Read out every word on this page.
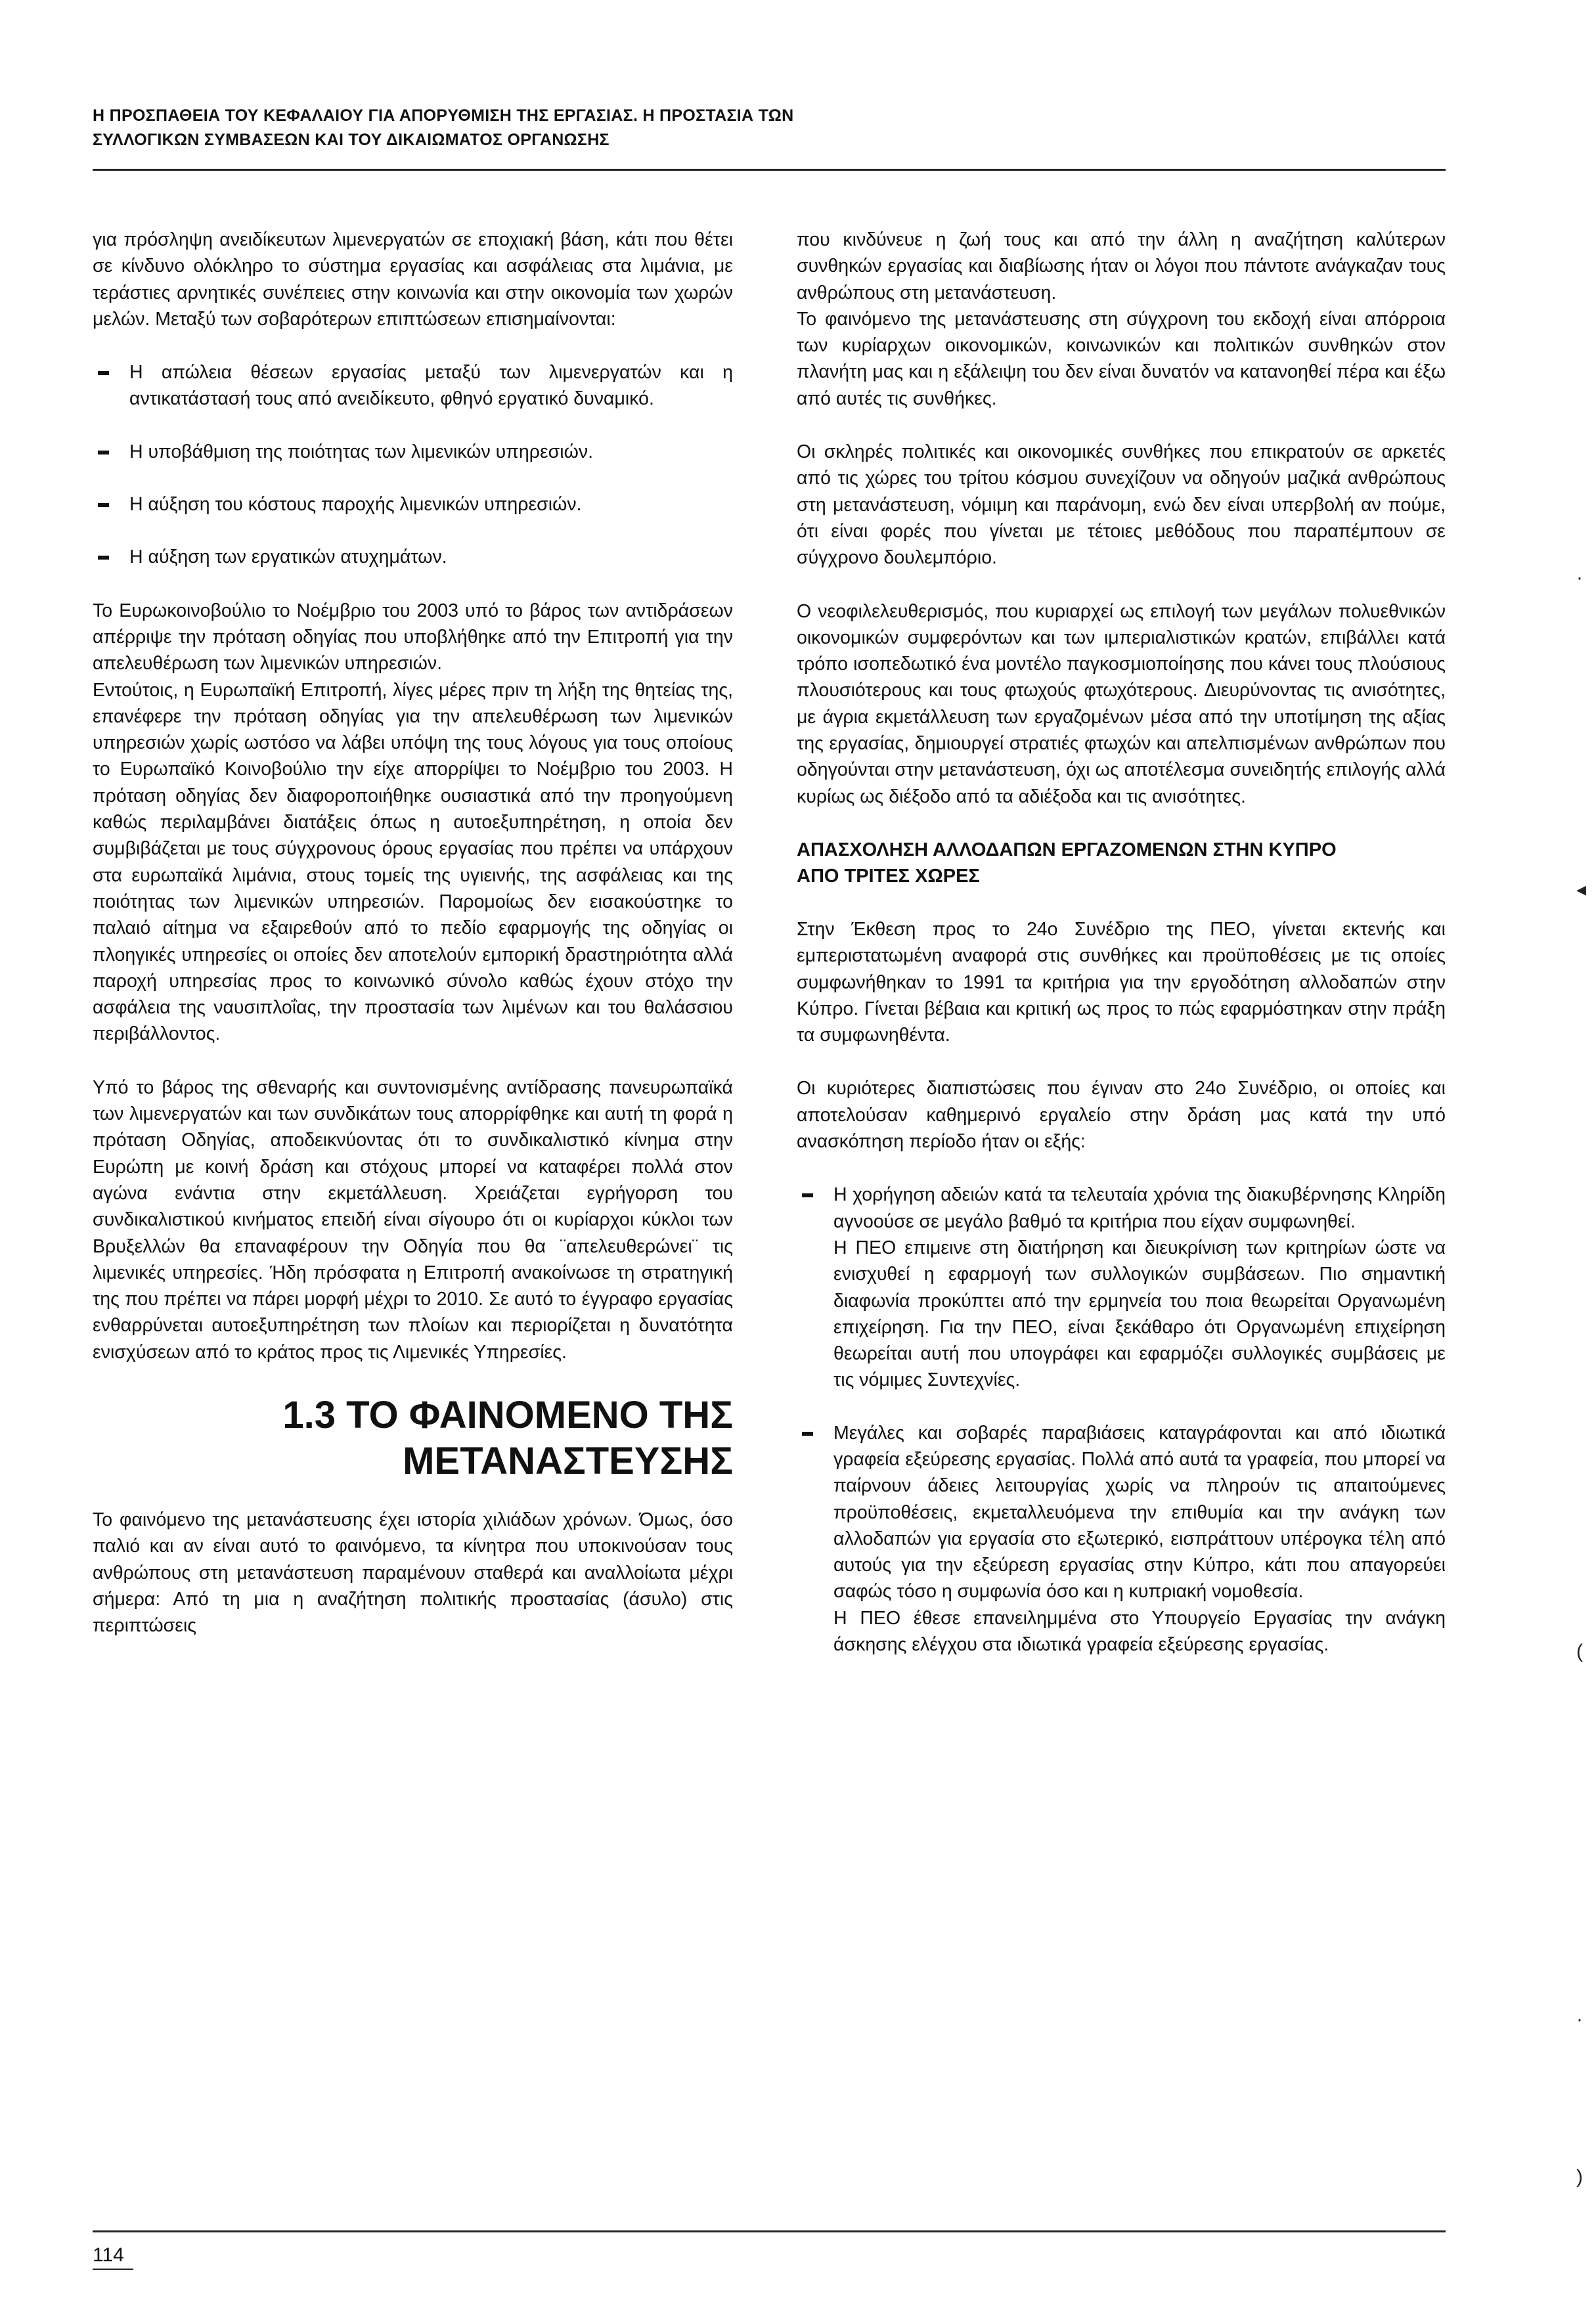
Η ΠΡΟΣΠΑΘΕΙΑ ΤΟΥ ΚΕΦΑΛΑΙΟΥ ΓΙΑ ΑΠΟΡΥΘΜΙΣΗ ΤΗΣ ΕΡΓΑΣΙΑΣ. Η ΠΡΟΣΤΑΣΙΑ ΤΩΝ
ΣΥΛΛΟΓΙΚΩΝ ΣΥΜΒΑΣΕΩΝ ΚΑΙ ΤΟΥ ΔΙΚΑΙΩΜΑΤΟΣ ΟΡΓΑΝΩΣΗΣ

για πρόσληψη ανειδίκευτων λιμενεργατών σε εποχιακή βάση, κάτι που θέτει σε κίνδυνο ολόκληρο το σύστημα εργασίας και ασφάλειας στα λιμάνια, με τεράστιες αρνητικές συνέπειες στην κοινωνία και στην οικονομία των χωρών μελών. Μεταξύ των σοβαρότερων επιπτώσεων επισημαίνονται:

Η απώλεια θέσεων εργασίας μεταξύ των λιμενεργατών και η αντικατάστασή τους από ανειδίκευτο, φθηνό εργατικό δυναμικό.
Η υποβάθμιση της ποιότητας των λιμενικών υπηρεσιών.
Η αύξηση του κόστους παροχής λιμενικών υπηρεσιών.
Η αύξηση των εργατικών ατυχημάτων.

Το Ευρωκοινοβούλιο το Νοέμβριο του 2003 υπό το βάρος των αντιδράσεων απέρριψε την πρόταση οδηγίας που υποβλήθηκε από την Επιτροπή για την απελευθέρωση των λιμενικών υπηρεσιών.

Εντούτοις, η Ευρωπαϊκή Επιτροπή, λίγες μέρες πριν τη λήξη της θητείας της, επανέφερε την πρόταση οδηγίας για την απελευθέρωση των λιμενικών υπηρεσιών χωρίς ωστόσο να λάβει υπόψη της τους λόγους για τους οποίους το Ευρωπαϊκό Κοινοβούλιο την είχε απορρίψει το Νοέμβριο του 2003. Η πρόταση οδηγίας δεν διαφοροποιήθηκε ουσιαστικά από την προηγούμενη καθώς περιλαμβάνει διατάξεις όπως η αυτοεξυπηρέτηση, η οποία δεν συμβιβάζεται με τους σύγχρονους όρους εργασίας που πρέπει να υπάρχουν στα ευρωπαϊκά λιμάνια, στους τομείς της υγιεινής, της ασφάλειας και της ποιότητας των λιμενικών υπηρεσιών. Παρομοίως δεν εισακούστηκε το παλαιό αίτημα να εξαιρεθούν από το πεδίο εφαρμογής της οδηγίας οι πλοηγικές υπηρεσίες οι οποίες δεν αποτελούν εμπορική δραστηριότητα αλλά παροχή υπηρεσίας προς το κοινωνικό σύνολο καθώς έχουν στόχο την ασφάλεια της ναυσιπλοΐας, την προστασία των λιμένων και του θαλάσσιου περιβάλλοντος.

Υπό το βάρος της σθεναρής και συντονισμένης αντίδρασης πανευρωπαϊκά των λιμενεργατών και των συνδικάτων τους απορρίφθηκε και αυτή τη φορά η πρόταση Οδηγίας, αποδεικνύοντας ότι το συνδικαλιστικό κίνημα στην Ευρώπη με κοινή δράση και στόχους μπορεί να καταφέρει πολλά στον αγώνα ενάντια στην εκμετάλλευση. Χρειάζεται εγρήγορση του συνδικαλιστικού κινήματος επειδή είναι σίγουρο ότι οι κυρίαρχοι κύκλοι των Βρυξελλών θα επαναφέρουν την Οδηγία που θα ¨απελευθερώνει¨ τις λιμενικές υπηρεσίες. Ήδη πρόσφατα η Επιτροπή ανακοίνωσε τη στρατηγική της που πρέπει να πάρει μορφή μέχρι το 2010. Σε αυτό το έγγραφο εργασίας ενθαρρύνεται αυτοεξυπηρέτηση των πλοίων και περιορίζεται η δυνατότητα ενισχύσεων από το κράτος προς τις Λιμενικές Υπηρεσίες.

1.3 ΤΟ ΦΑΙΝΟΜΕΝΟ ΤΗΣ
ΜΕΤΑΝΑΣΤΕΥΣΗΣ

Το φαινόμενο της μετανάστευσης έχει ιστορία χιλιάδων χρόνων. Όμως, όσο παλιό και αν είναι αυτό το φαινόμενο, τα κίνητρα που υποκινούσαν τους ανθρώπους στη μετανάστευση παραμένουν σταθερά και αναλλοίωτα μέχρι σήμερα: Από τη μια η αναζήτηση πολιτικής προστασίας (άσυλο) στις περιπτώσεις

που κινδύνευε η ζωή τους και από την άλλη η αναζήτηση καλύτερων συνθηκών εργασίας και διαβίωσης ήταν οι λόγοι που πάντοτε ανάγκαζαν τους ανθρώπους στη μετανάστευση.

Το φαινόμενο της μετανάστευσης στη σύγχρονη του εκδοχή είναι απόρροια των κυρίαρχων οικονομικών, κοινωνικών και πολιτικών συνθηκών στον πλανήτη μας και η εξάλειψη του δεν είναι δυνατόν να κατανοηθεί πέρα και έξω από αυτές τις συνθήκες.

Οι σκληρές πολιτικές και οικονομικές συνθήκες που επικρατούν σε αρκετές από τις χώρες του τρίτου κόσμου συνεχίζουν να οδηγούν μαζικά ανθρώπους στη μετανάστευση, νόμιμη και παράνομη, ενώ δεν είναι υπερβολή αν πούμε, ότι είναι φορές που γίνεται με τέτοιες μεθόδους που παραπέμπουν σε σύγχρονο δουλεμπόριο.

Ο νεοφιλελευθερισμός, που κυριαρχεί ως επιλογή των μεγάλων πολυεθνικών οικονομικών συμφερόντων και των ιμπεριαλιστικών κρατών, επιβάλλει κατά τρόπο ισοπεδωτικό ένα μοντέλο παγκοσμιοποίησης που κάνει τους πλούσιους πλουσιότερους και τους φτωχούς φτωχότερους. Διευρύνοντας τις ανισότητες, με άγρια εκμετάλλευση των εργαζομένων μέσα από την υποτίμηση της αξίας της εργασίας, δημιουργεί στρατιές φτωχών και απελπισμένων ανθρώπων που οδηγούνται στην μετανάστευση, όχι ως αποτέλεσμα συνειδητής επιλογής αλλά κυρίως ως διέξοδο από τα αδιέξοδα και τις ανισότητες.

ΑΠΑΣΧΟΛΗΣΗ ΑΛΛΟΔΑΠΩΝ ΕΡΓΑΖΟΜΕΝΩΝ ΣΤΗΝ ΚΥΠΡΟ
ΑΠΟ ΤΡΙΤΕΣ ΧΩΡΕΣ

Στην Έκθεση προς το 24ο Συνέδριο της ΠΕΟ, γίνεται εκτενής και εμπεριστατωμένη αναφορά στις συνθήκες και προϋποθέσεις με τις οποίες συμφωνήθηκαν το 1991 τα κριτήρια για την εργοδότηση αλλοδαπών στην Κύπρο. Γίνεται βέβαια και κριτική ως προς το πώς εφαρμόστηκαν στην πράξη τα συμφωνηθέντα.

Οι κυριότερες διαπιστώσεις που έγιναν στο 24ο Συνέδριο, οι οποίες και αποτελούσαν καθημερινό εργαλείο στην δράση μας κατά την υπό ανασκόπηση περίοδο ήταν οι εξής:

Η χορήγηση αδειών κατά τα τελευταία χρόνια της διακυβέρνησης Κληρίδη αγνοούσε σε μεγάλο βαθμό τα κριτήρια που είχαν συμφωνηθεί.
Η ΠΕΟ επιμεινε στη διατήρηση και διευκρίνιση των κριτηρίων ώστε να ενισχυθεί η εφαρμογή των συλλογικών συμβάσεων. Πιο σημαντική διαφωνία προκύπτει από την ερμηνεία του ποια θεωρείται Οργανωμένη επιχείρηση. Για την ΠΕΟ, είναι ξεκάθαρο ότι Οργανωμένη επιχείρηση θεωρείται αυτή που υπογράφει και εφαρμόζει συλλογικές συμβάσεις με τις νόμιμες Συντεχνίες.
Μεγάλες και σοβαρές παραβιάσεις καταγράφονται και από ιδιωτικά γραφεία εξεύρεσης εργασίας. Πολλά από αυτά τα γραφεία, που μπορεί να παίρνουν άδειες λειτουργίας χωρίς να πληρούν τις απαιτούμενες προϋποθέσεις, εκμεταλλευόμενα την επιθυμία και την ανάγκη των αλλοδαπών για εργασία στο εξωτερικό, εισπράττουν υπέρογκα τέλη από αυτούς για την εξεύρεση εργασίας στην Κύπρο, κάτι που απαγορεύει σαφώς τόσο η συμφωνία όσο και η κυπριακή νομοθεσία.
Η ΠΕΟ έθεσε επανειλημμένα στο Υπουργείο Εργασίας την ανάγκη άσκησης ελέγχου στα ιδιωτικά γραφεία εξεύρεσης εργασίας.
·
◂
(
·
)
114
